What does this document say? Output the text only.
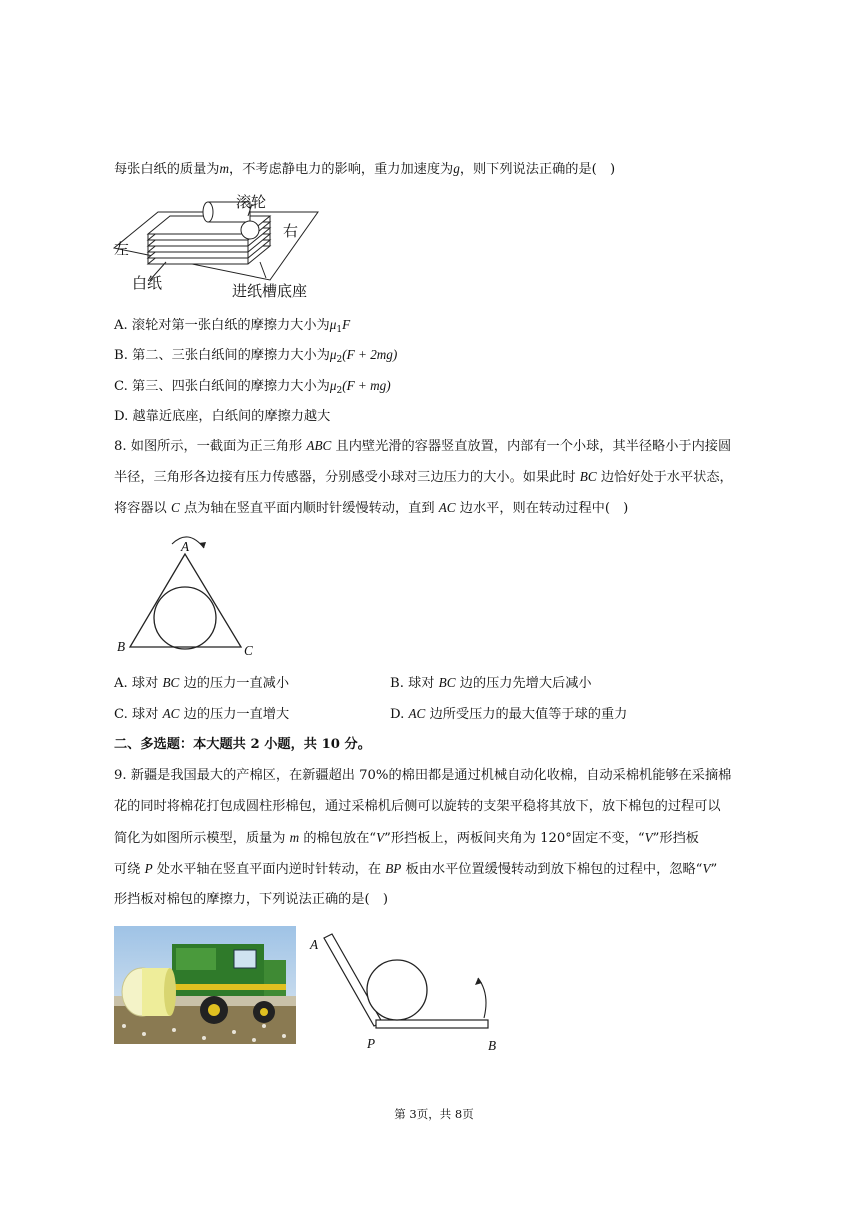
每张白纸的质量为m，不考虑静电力的影响，重力加速度为g，则下列说法正确的是(　)
滚轮
左
右
白纸	进纸槽底座
A. 滚轮对第一张白纸的摩擦力大小为$\mu_1F$
B. 第二、三张白纸间的摩擦力大小为$\mu_2(F + 2mg)$
C. 第三、四张白纸间的摩擦力大小为$\mu_2(F + mg)$
D. 越靠近底座，白纸间的摩擦力越大
8. 如图所示，一截面为正三角形 ABC 且内壁光滑的容器竖直放置，内部有一个小球，其半径略小于内接圆
半径，三角形各边接有压力传感器，分别感受小球对三边压力的大小。如果此时 BC 边恰好处于水平状态，
将容器以 C 点为轴在竖直平面内顺时针缓慢转动，直到 AC 边水平，则在转动过程中(　)
A
B	C
A. 球对 BC 边的压力一直减小	B. 球对 BC 边的压力先增大后减小
C. 球对 AC 边的压力一直增大	D. AC 边所受压力的最大值等于球的重力
二、多选题：本大题共 2 小题，共 10 分。
9. 新疆是我国最大的产棉区，在新疆超出 70%的棉田都是通过机械自动化收棉，自动采棉机能够在采摘棉
花的同时将棉花打包成圆柱形棉包，通过采棉机后侧可以旋转的支架平稳将其放下，放下棉包的过程可以
简化为如图所示模型，质量为 m 的棉包放在“V”形挡板上，两板间夹角为 120°固定不变，“V”形挡板
可绕 P 处水平轴在竖直平面内逆时针转动，在 BP 板由水平位置缓慢转动到放下棉包的过程中，忽略“V”
形挡板对棉包的摩擦力，下列说法正确的是(　)
A
P	B
第 3页，共 8页
